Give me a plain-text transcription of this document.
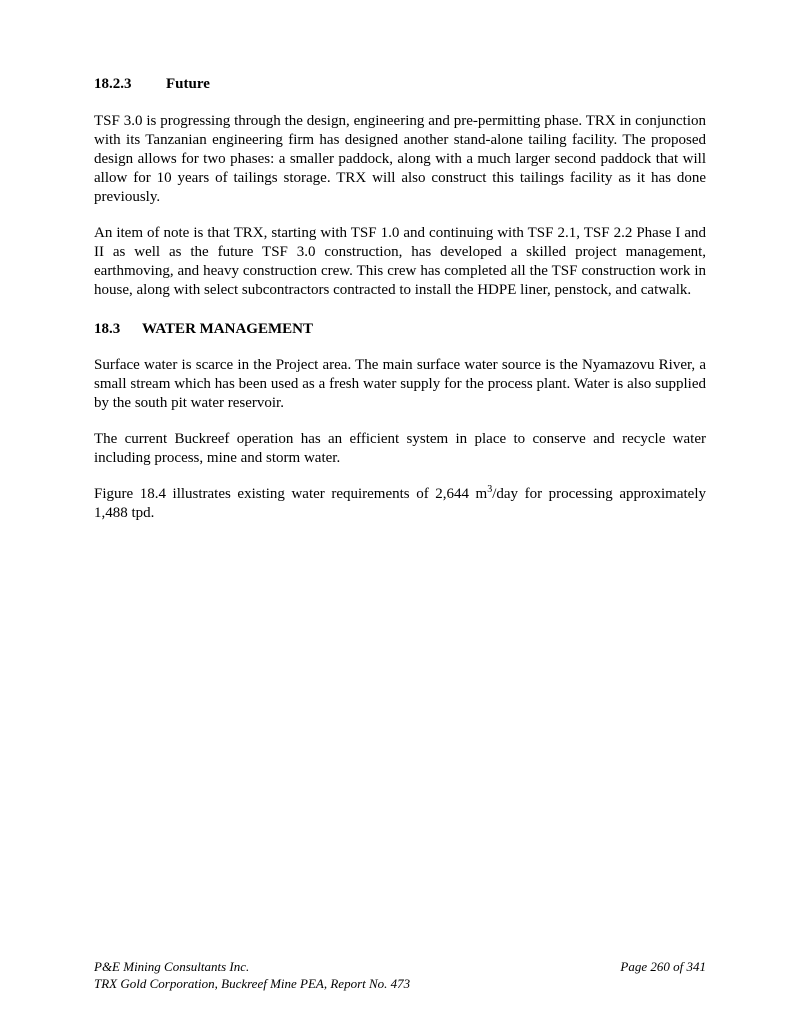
18.2.3	Future

TSF 3.0 is progressing through the design, engineering and pre-permitting phase. TRX in conjunction with its Tanzanian engineering firm has designed another stand-alone tailing facility. The proposed design allows for two phases: a smaller paddock, along with a much larger second paddock that will allow for 10 years of tailings storage. TRX will also construct this tailings facility as it has done previously.

An item of note is that TRX, starting with TSF 1.0 and continuing with TSF 2.1, TSF 2.2 Phase I and II as well as the future TSF 3.0 construction, has developed a skilled project management, earthmoving, and heavy construction crew. This crew has completed all the TSF construction work in house, along with select subcontractors contracted to install the HDPE liner, penstock, and catwalk.

18.3	WATER MANAGEMENT

Surface water is scarce in the Project area. The main surface water source is the Nyamazovu River, a small stream which has been used as a fresh water supply for the process plant. Water is also supplied by the south pit water reservoir.

The current Buckreef operation has an efficient system in place to conserve and recycle water including process, mine and storm water.

Figure 18.4 illustrates existing water requirements of 2,644 $m^3$/day for processing approximately 1,488 tpd.

P&E Mining Consultants Inc.	Page 260 of 341
TRX Gold Corporation, Buckreef Mine PEA, Report No. 473
